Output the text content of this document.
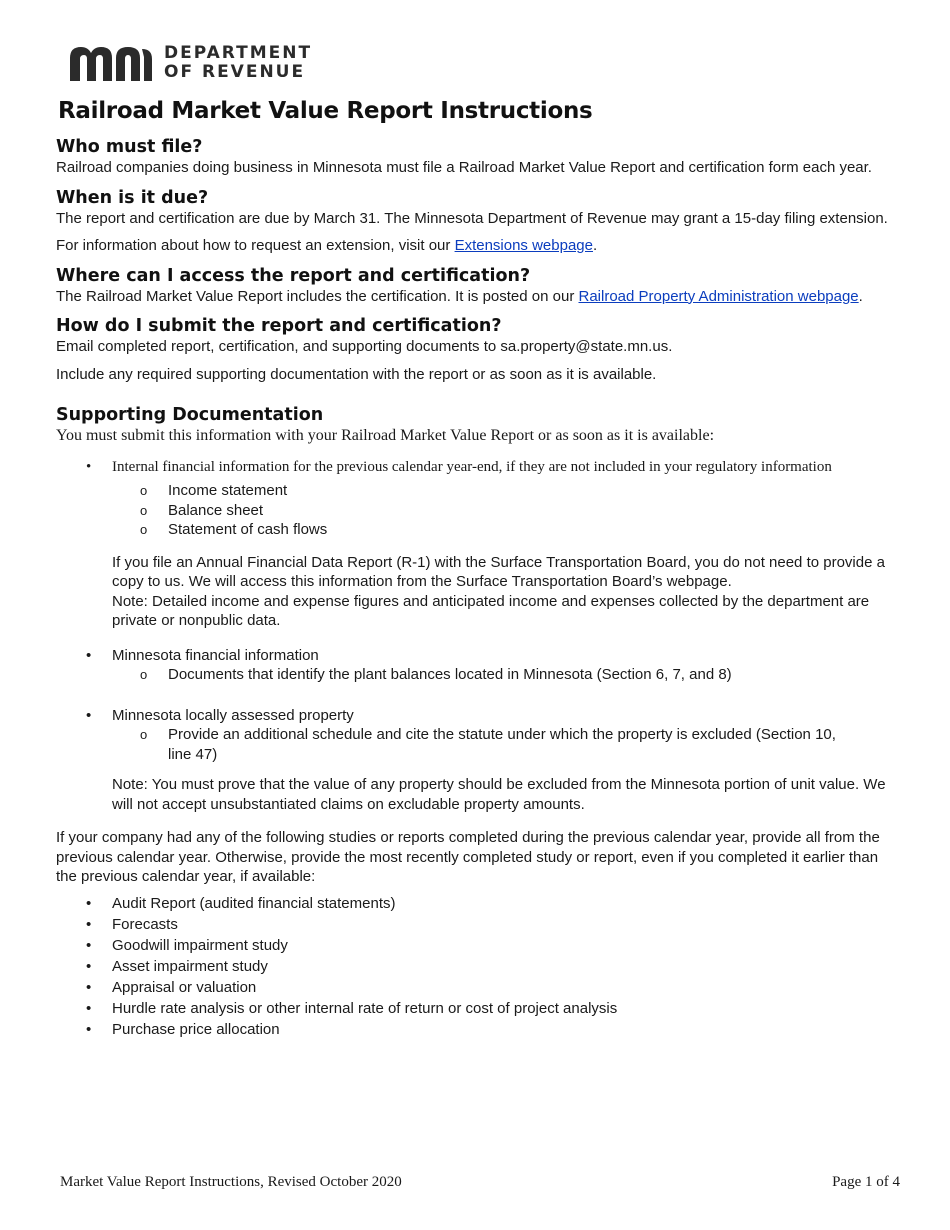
DEPARTMENT
OF REVENUE
Railroad Market Value Report Instructions
Who must file?

Railroad companies doing business in Minnesota must file a Railroad Market Value Report and certification form each year.

When is it due?

The report and certification are due by March 31. The Minnesota Department of Revenue may grant a 15-day filing extension.

For information about how to request an extension, visit our Extensions webpage.

Where can I access the report and certification?

The Railroad Market Value Report includes the certification. It is posted on our Railroad Property Administration webpage.

How do I submit the report and certification?

Email completed report, certification, and supporting documents to sa.property@state.mn.us.

Include any required supporting documentation with the report or as soon as it is available.

Supporting Documentation

You must submit this information with your Railroad Market Value Report or as soon as it is available:

• Internal financial information for the previous calendar year-end, if they are not included in your regulatory information
o Income statement
o Balance sheet
o Statement of cash flows

If you file an Annual Financial Data Report (R-1) with the Surface Transportation Board, you do not need to provide a copy to us. We will access this information from the Surface Transportation Board’s webpage.

Note: Detailed income and expense figures and anticipated income and expenses collected by the department are private or nonpublic data.

• Minnesota financial information
o Documents that identify the plant balances located in Minnesota (Section 6, 7, and 8)
• Minnesota locally assessed property
o Provide an additional schedule and cite the statute under which the property is excluded (Section 10, line 47)

Note: You must prove that the value of any property should be excluded from the Minnesota portion of unit value. We will not accept unsubstantiated claims on excludable property amounts.

If your company had any of the following studies or reports completed during the previous calendar year, provide all from the previous calendar year. Otherwise, provide the most recently completed study or report, even if you completed it earlier than the previous calendar year, if available:

• Audit Report (audited financial statements)
• Forecasts
• Goodwill impairment study
• Asset impairment study
• Appraisal or valuation
• Hurdle rate analysis or other internal rate of return or cost of project analysis
• Purchase price allocation
Market Value Report Instructions, Revised October 2020	Page 1 of 4
